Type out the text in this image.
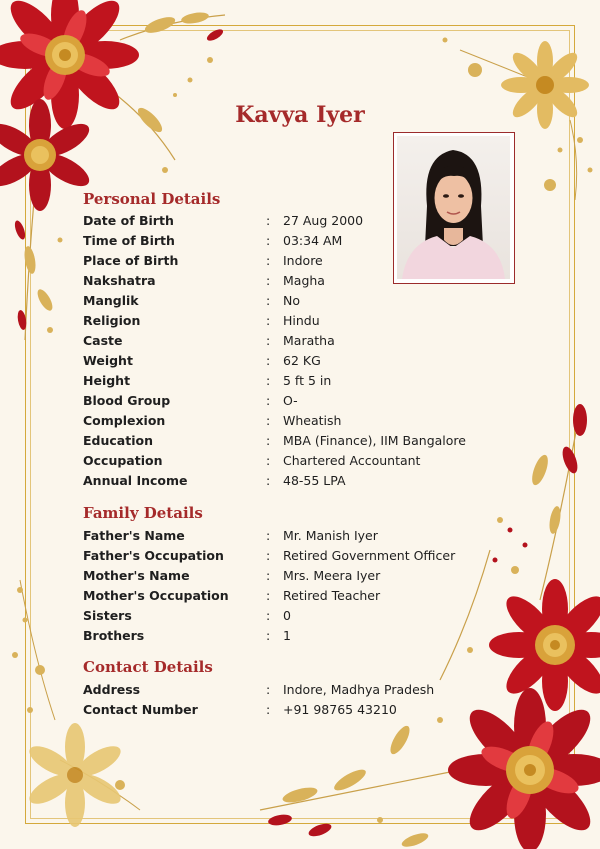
Kavya Iyer
Personal Details
Date of Birth	: 27 Aug 2000
Time of Birth	: 03:34 AM
Place of Birth	: Indore
Nakshatra	: Magha
Manglik	: No
Religion	: Hindu
Caste	: Maratha
Weight	: 62 KG
Height	: 5 ft 5 in
Blood Group	: O-
Complexion	: Wheatish
Education	: MBA (Finance), IIM Bangalore
Occupation	: Chartered Accountant
Annual Income	: 48-55 LPA
Family Details
Father's Name	: Mr. Manish Iyer
Father's Occupation	: Retired Government Officer
Mother's Name	: Mrs. Meera Iyer
Mother's Occupation	: Retired Teacher
Sisters	: 0
Brothers	: 1
Contact Details
Address	: Indore, Madhya Pradesh
Contact Number	: +91 98765 43210
